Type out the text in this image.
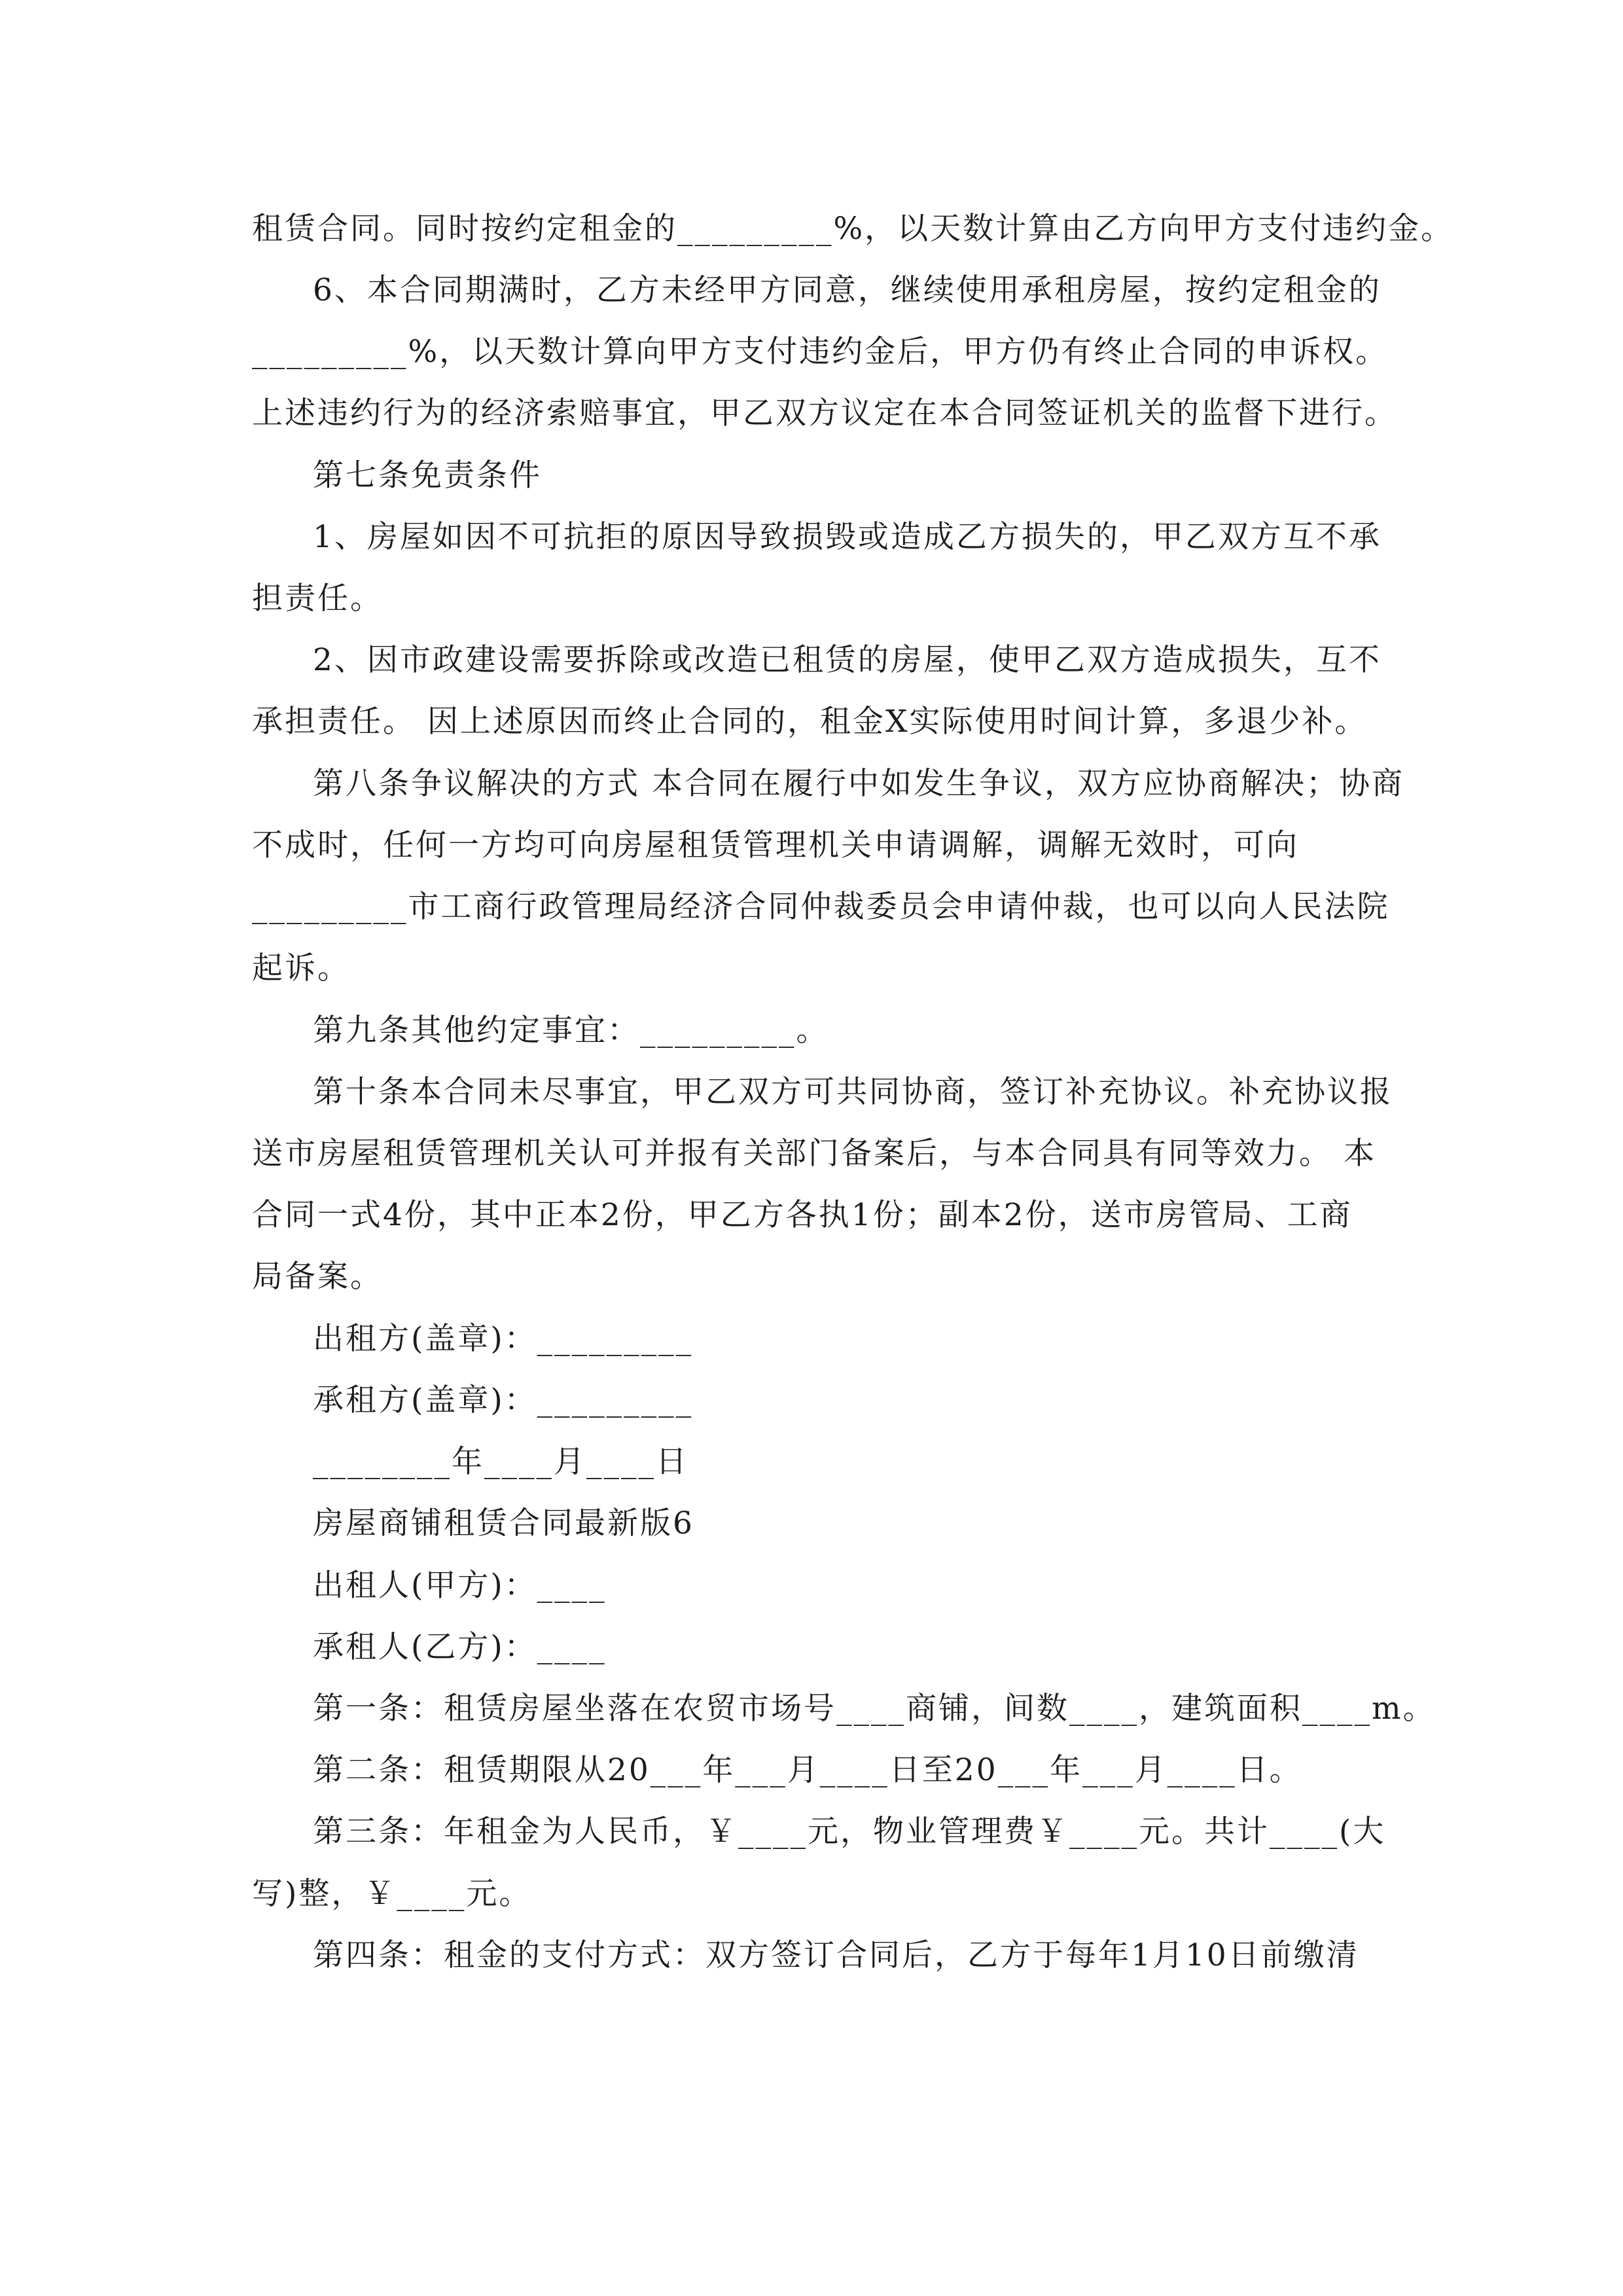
租赁合同。同时按约定租金的_________%，以天数计算由乙方向甲方支付违约金。
6、本合同期满时，乙方未经甲方同意，继续使用承租房屋，按约定租金的
_________%，以天数计算向甲方支付违约金后，甲方仍有终止合同的申诉权。
上述违约行为的经济索赔事宜，甲乙双方议定在本合同签证机关的监督下进行。
第七条免责条件
1、房屋如因不可抗拒的原因导致损毁或造成乙方损失的，甲乙双方互不承
担责任。
2、因市政建设需要拆除或改造已租赁的房屋，使甲乙双方造成损失，互不
承担责任。 因上述原因而终止合同的，租金X实际使用时间计算，多退少补。
第八条争议解决的方式 本合同在履行中如发生争议，双方应协商解决；协商
不成时，任何一方均可向房屋租赁管理机关申请调解，调解无效时，可向
_________市工商行政管理局经济合同仲裁委员会申请仲裁，也可以向人民法院
起诉。
第九条其他约定事宜：_________。
第十条本合同未尽事宜，甲乙双方可共同协商，签订补充协议。补充协议报
送市房屋租赁管理机关认可并报有关部门备案后，与本合同具有同等效力。 本
合同一式4份，其中正本2份，甲乙方各执1份；副本2份，送市房管局、工商
局备案。
出租方(盖章)：_________
承租方(盖章)：_________
________年____月____日
房屋商铺租赁合同最新版6
出租人(甲方)：____
承租人(乙方)：____
第一条：租赁房屋坐落在农贸市场号____商铺，间数____，建筑面积____m。
第二条：租赁期限从20___年___月____日至20___年___月____日。
第三条：年租金为人民币，￥____元，物业管理费￥____元。共计____(大
写)整，￥____元。
第四条：租金的支付方式：双方签订合同后，乙方于每年1月10日前缴清
